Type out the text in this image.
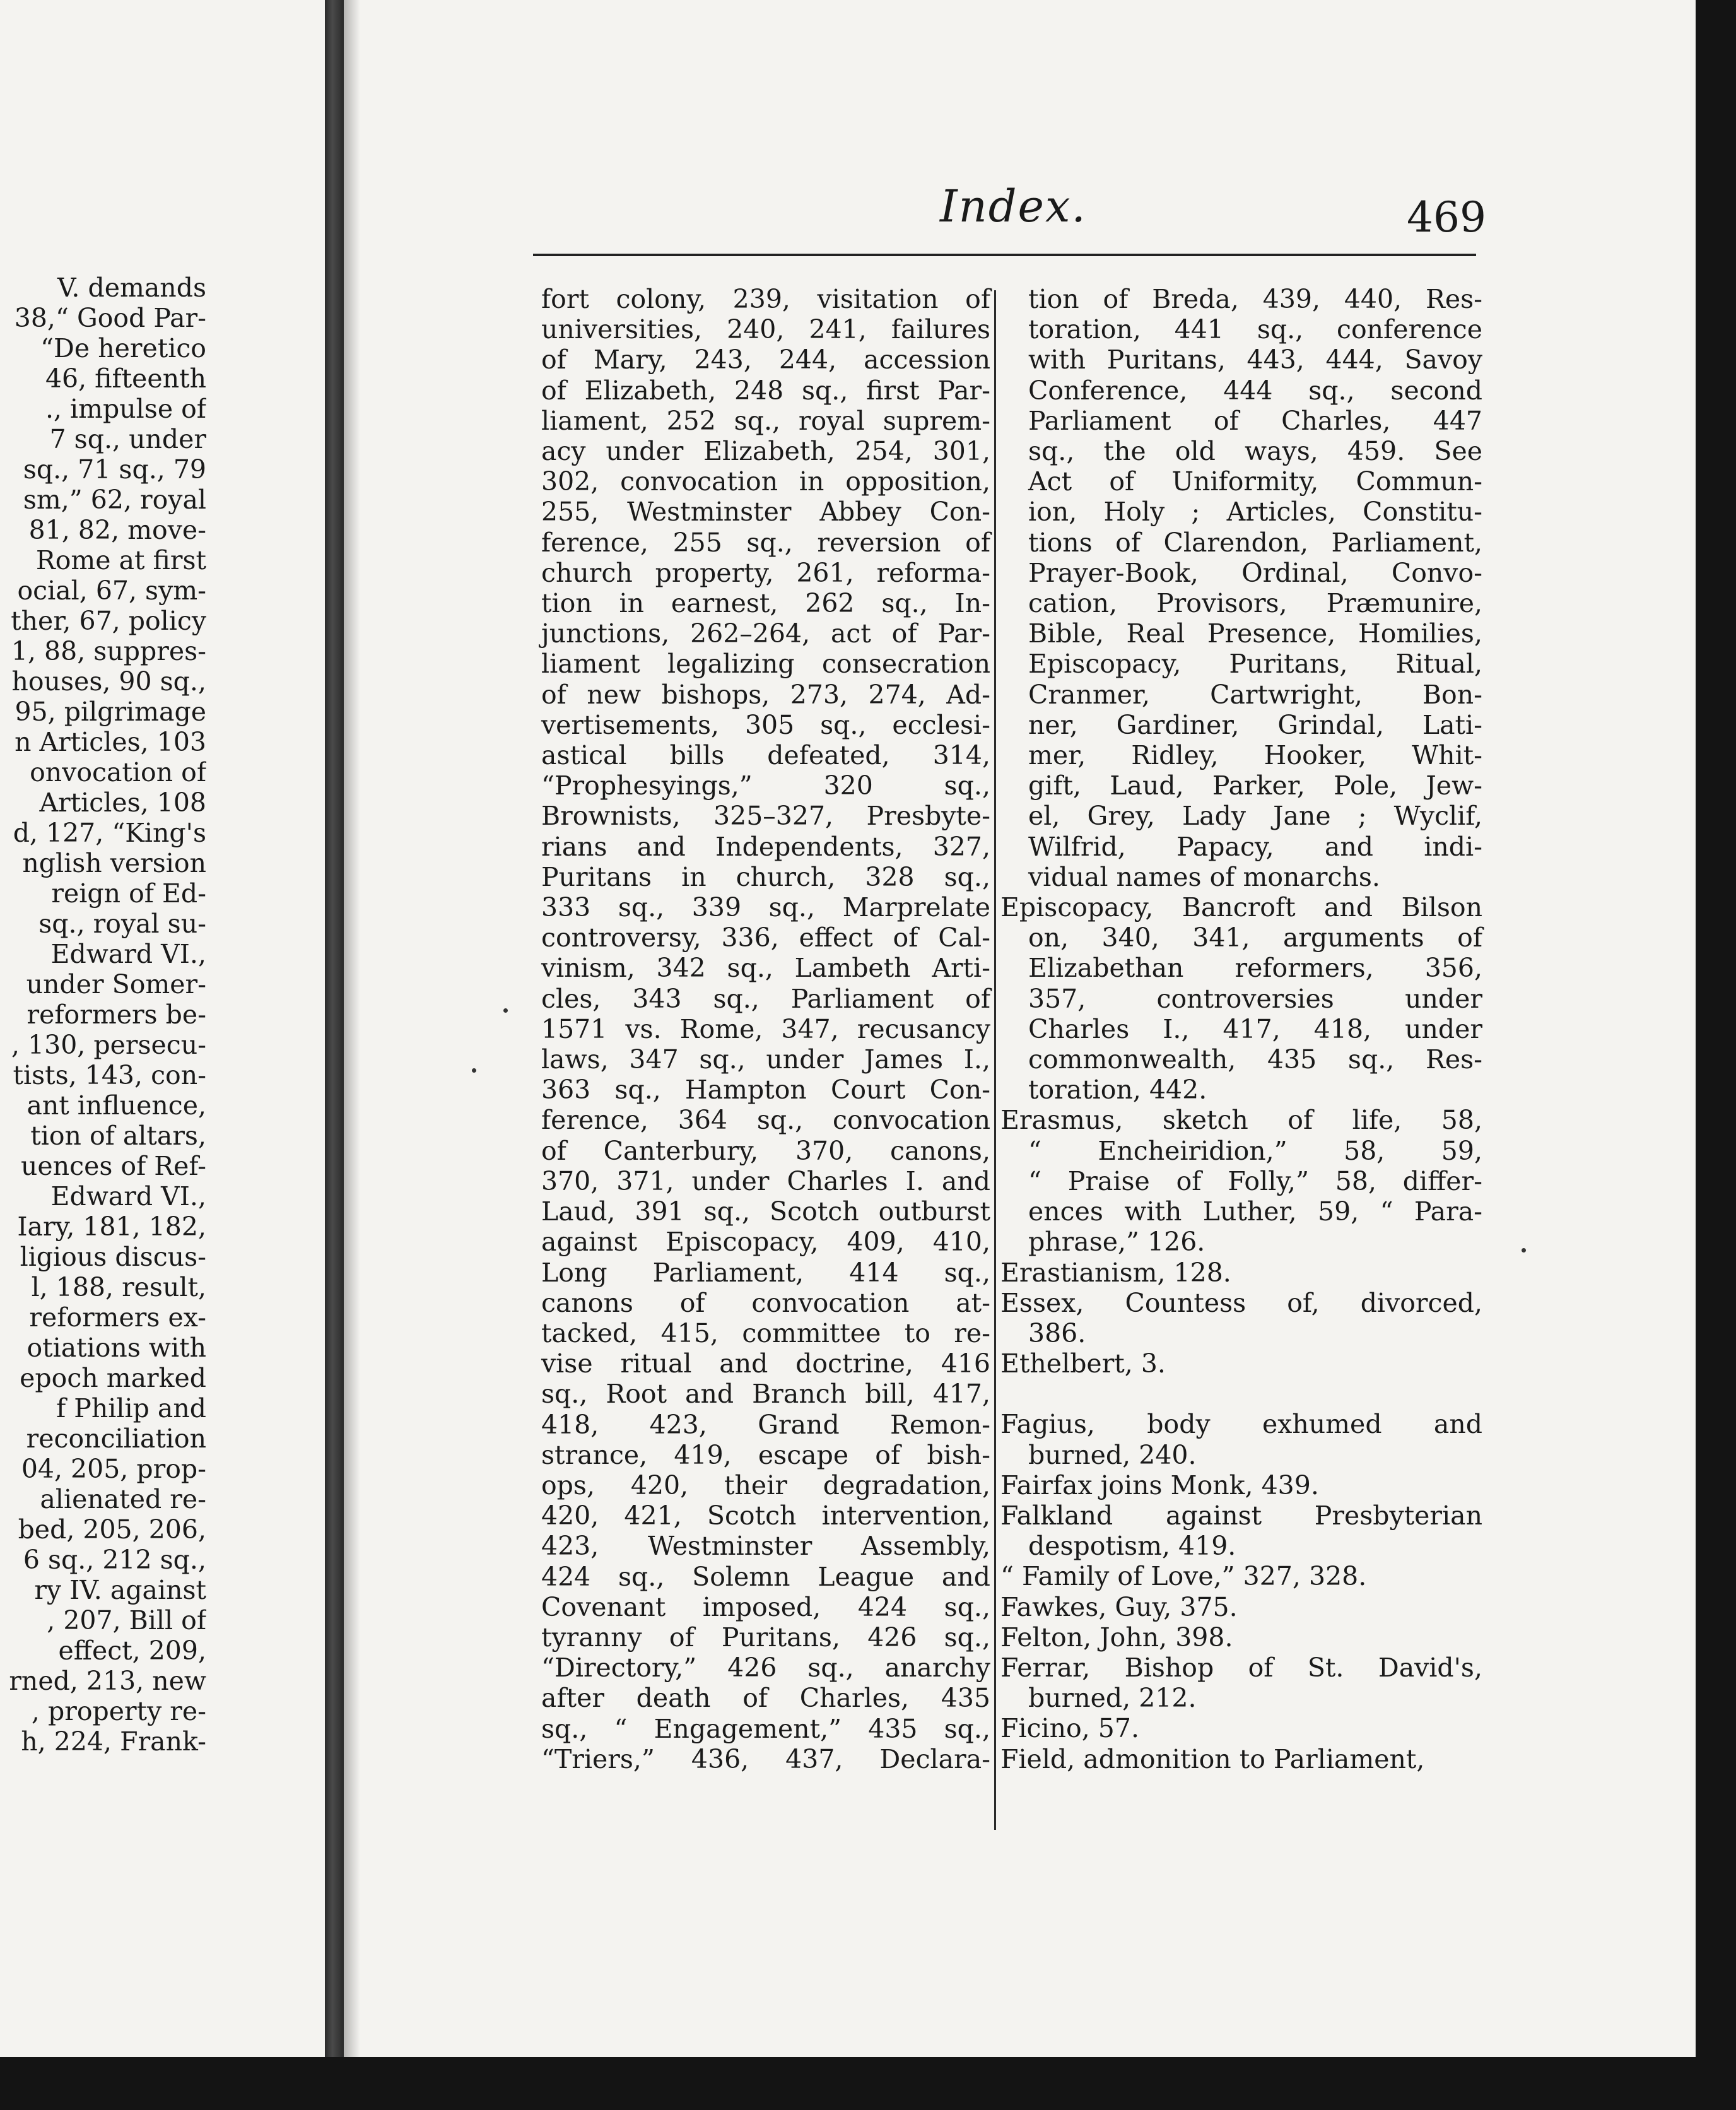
V. demands
38,“ Good Par-
“De heretico
46, fifteenth
., impulse of
7 sq., under
sq., 71 sq., 79
sm,” 62, royal
81, 82, move-
Rome at first
ocial, 67, sym-
ther, 67, policy
1, 88, suppres-
houses, 90 sq.,
95, pilgrimage
n Articles, 103
onvocation of
Articles, 108
d, 127, “King's
nglish version
reign of Ed-
sq., royal su-
Edward VI.,
under Somer-
reformers be-
, 130, persecu-
tists, 143, con-
ant influence,
tion of altars,
uences of Ref-
Edward VI.,
Iary, 181, 182,
ligious discus-
l, 188, result,
reformers ex-
otiations with
epoch marked
f Philip and
reconciliation
04, 205, prop-
alienated re-
bed, 205, 206,
6 sq., 212 sq.,
ry IV. against
, 207, Bill of
effect, 209,
rned, 213, new
, property re-
h, 224, Frank-
Index.	469
fort colony, 239, visitation of
universities, 240, 241, failures
of Mary, 243, 244, accession
of Elizabeth, 248 sq., first Par-
liament, 252 sq., royal suprem-
acy under Elizabeth, 254, 301,
302, convocation in opposition,
255, Westminster Abbey Con-
ference, 255 sq., reversion of
church property, 261, reforma-
tion in earnest, 262 sq., In-
junctions, 262–264, act of Par-
liament legalizing consecration
of new bishops, 273, 274, Ad-
vertisements, 305 sq., ecclesi-
astical bills defeated, 314,
“Prophesyings,” 320 sq.,
Brownists, 325–327, Presbyte-
rians and Independents, 327,
Puritans in church, 328 sq.,
333 sq., 339 sq., Marprelate
controversy, 336, effect of Cal-
vinism, 342 sq., Lambeth Arti-
cles, 343 sq., Parliament of
1571 vs. Rome, 347, recusancy
laws, 347 sq., under James I.,
363 sq., Hampton Court Con-
ference, 364 sq., convocation
of Canterbury, 370, canons,
370, 371, under Charles I. and
Laud, 391 sq., Scotch outburst
against Episcopacy, 409, 410,
Long Parliament, 414 sq.,
canons of convocation at-
tacked, 415, committee to re-
vise ritual and doctrine, 416
sq., Root and Branch bill, 417,
418, 423, Grand Remon-
strance, 419, escape of bish-
ops, 420, their degradation,
420, 421, Scotch intervention,
423, Westminster Assembly,
424 sq., Solemn League and
Covenant imposed, 424 sq.,
tyranny of Puritans, 426 sq.,
“Directory,” 426 sq., anarchy
after death of Charles, 435
sq., “ Engagement,” 435 sq.,
“Triers,” 436, 437, Declara-
tion of Breda, 439, 440, Res-
toration, 441 sq., conference
with Puritans, 443, 444, Savoy
Conference, 444 sq., second
Parliament of Charles, 447
sq., the old ways, 459. See
Act of Uniformity, Commun-
ion, Holy ; Articles, Constitu-
tions of Clarendon, Parliament,
Prayer-Book, Ordinal, Convo-
cation, Provisors, Præmunire,
Bible, Real Presence, Homilies,
Episcopacy, Puritans, Ritual,
Cranmer, Cartwright, Bon-
ner, Gardiner, Grindal, Lati-
mer, Ridley, Hooker, Whit-
gift, Laud, Parker, Pole, Jew-
el, Grey, Lady Jane ; Wyclif,
Wilfrid, Papacy, and indi-
vidual names of monarchs.
Episcopacy, Bancroft and Bilson
on, 340, 341, arguments of
Elizabethan reformers, 356,
357, controversies under
Charles I., 417, 418, under
commonwealth, 435 sq., Res-
toration, 442.
Erasmus, sketch of life, 58,
“ Encheiridion,” 58, 59,
“ Praise of Folly,” 58, differ-
ences with Luther, 59, “ Para-
phrase,” 126.
Erastianism, 128.
Essex, Countess of, divorced,
386.
Ethelbert, 3.
Fagius, body exhumed and
burned, 240.
Fairfax joins Monk, 439.
Falkland against Presbyterian
despotism, 419.
“ Family of Love,” 327, 328.
Fawkes, Guy, 375.
Felton, John, 398.
Ferrar, Bishop of St. David's,
burned, 212.
Ficino, 57.
Field, admonition to Parliament,
